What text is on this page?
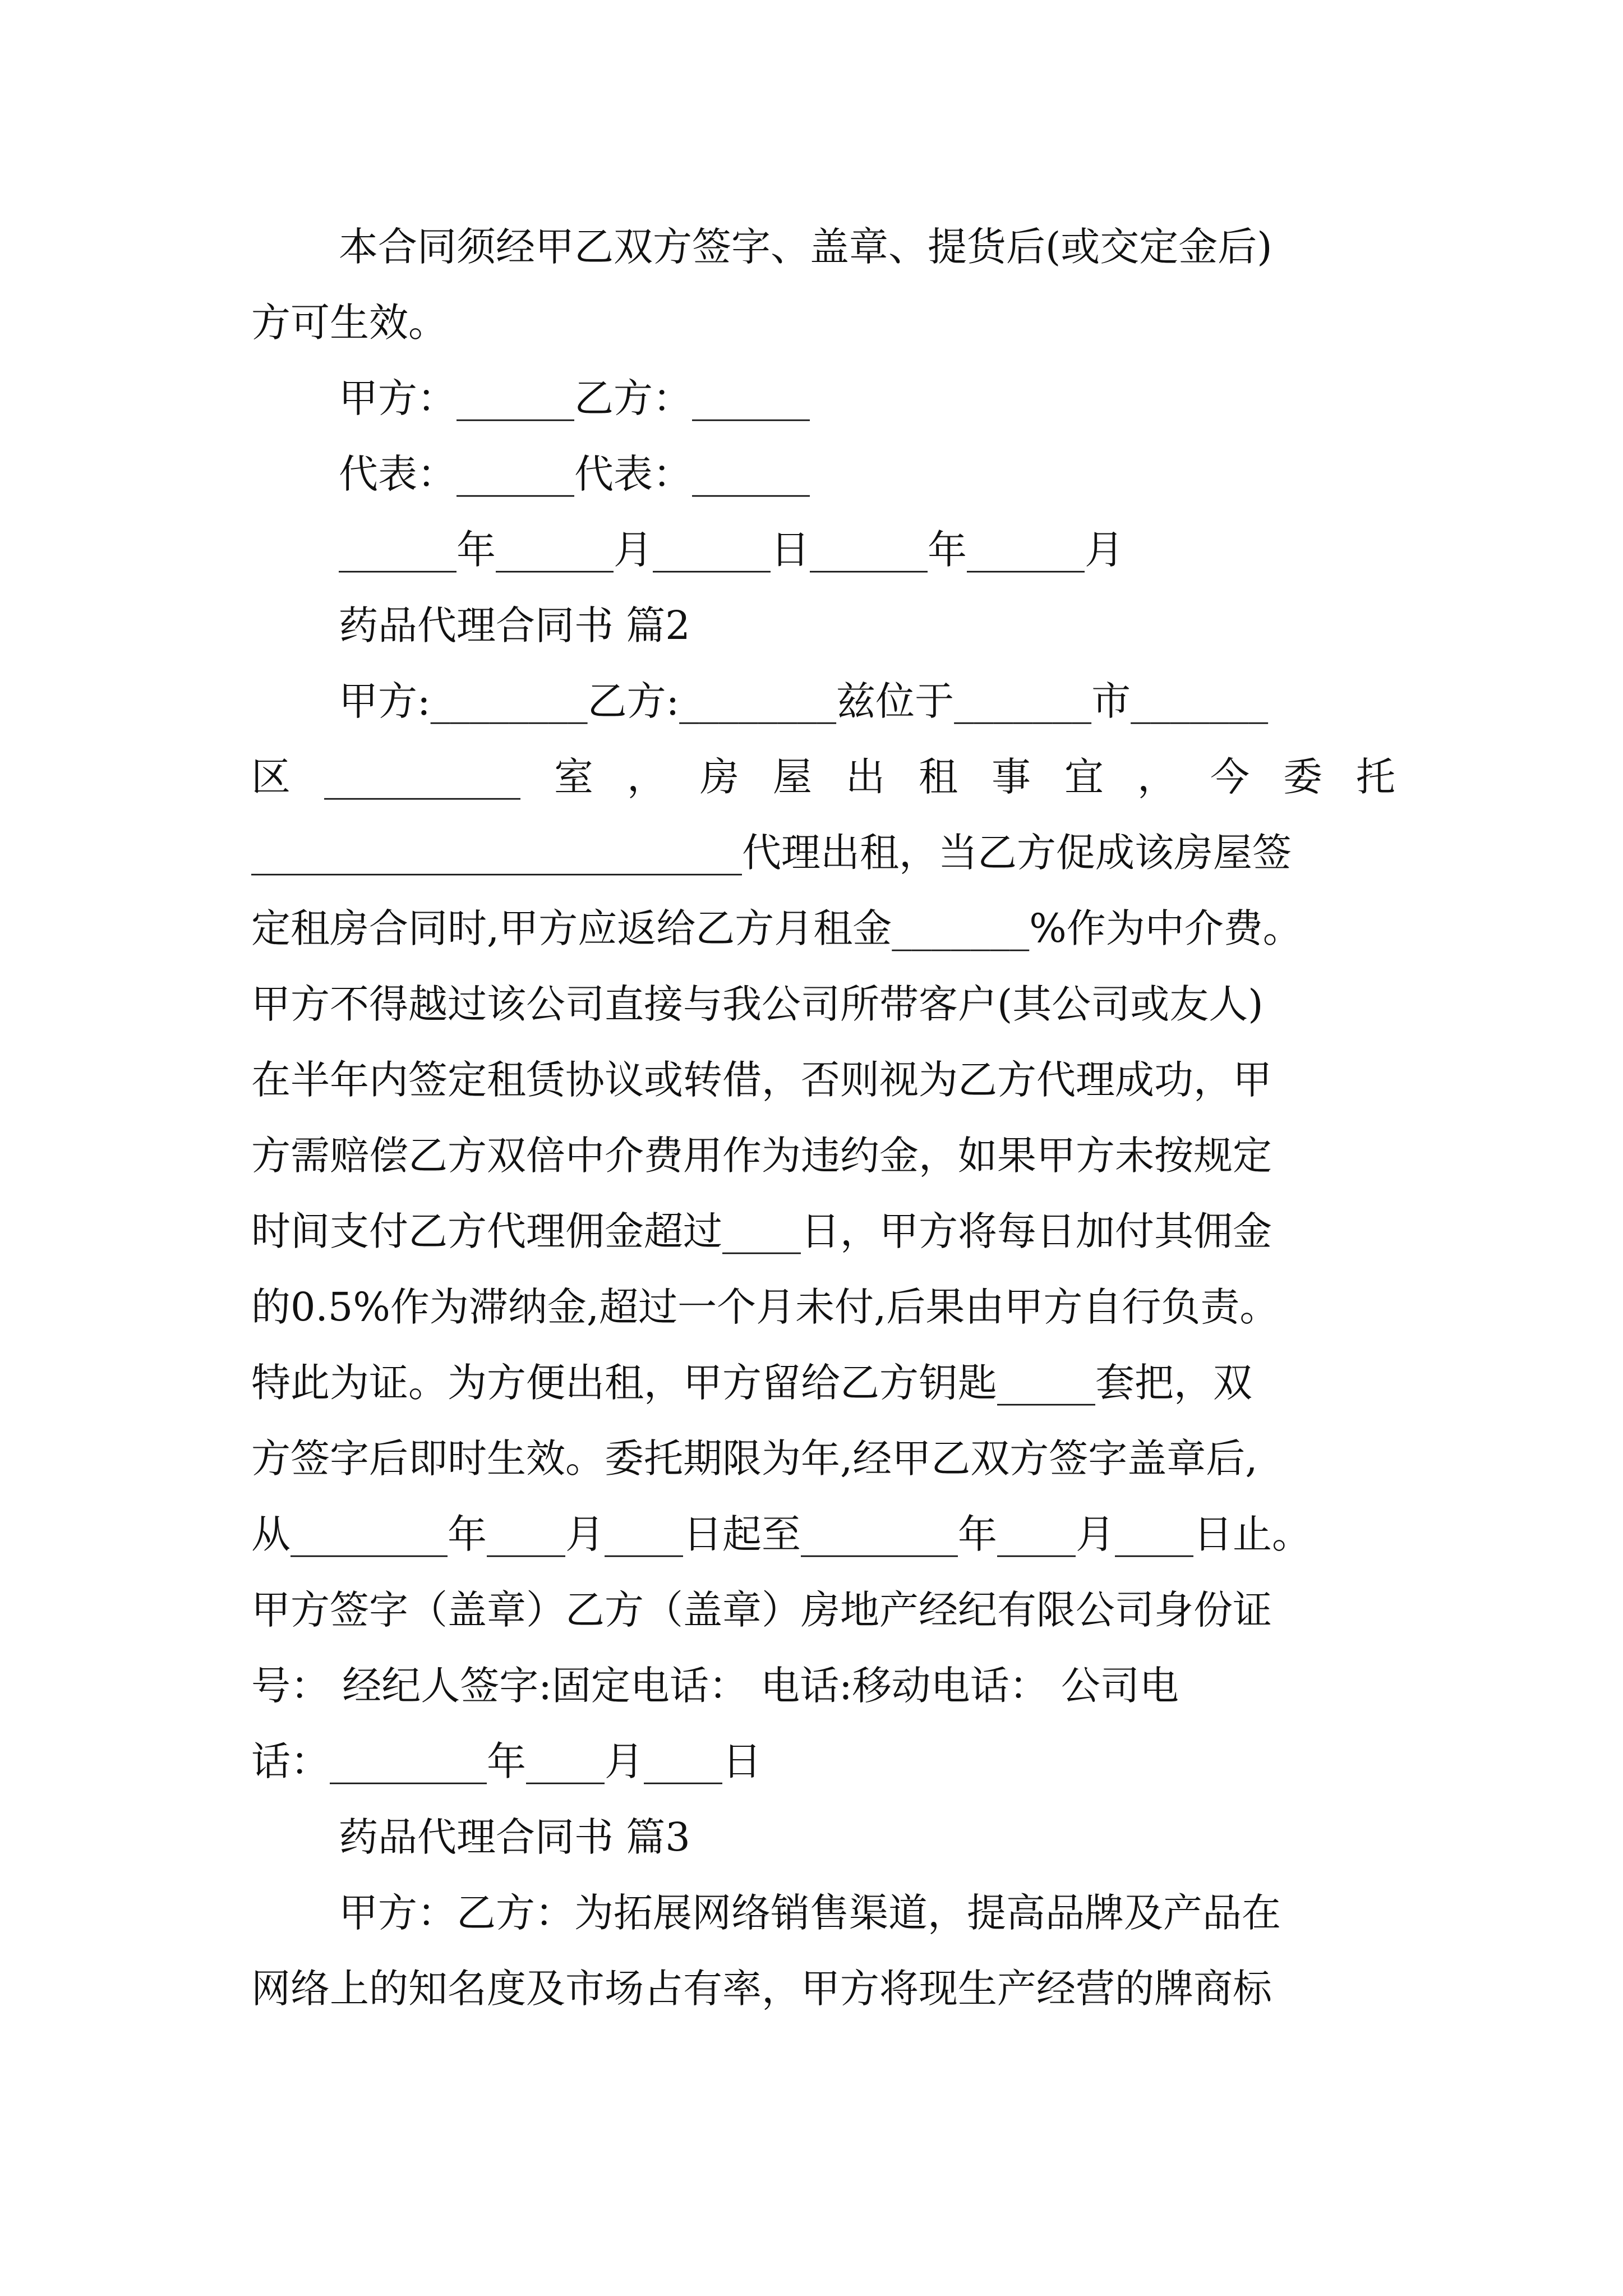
本合同须经甲乙双方签字、盖章、提货后(或交定金后)
方可生效。
甲方：______乙方：______
代表：______代表：______
______年______月______日______年______月
药品代理合同书 篇2
甲方:________乙方:________兹位于_______市_______
区 __________ 室 ， 房 屋 出 租 事 宜 ， 今 委 托
_________________________代理出租，当乙方促成该房屋签
定租房合同时,甲方应返给乙方月租金_______%作为中介费。
甲方不得越过该公司直接与我公司所带客户(其公司或友人)
在半年内签定租赁协议或转借，否则视为乙方代理成功，甲
方需赔偿乙方双倍中介费用作为违约金，如果甲方未按规定
时间支付乙方代理佣金超过____日，甲方将每日加付其佣金
的0.5%作为滞纳金,超过一个月未付,后果由甲方自行负责。
特此为证。为方便出租，甲方留给乙方钥匙_____套把，双
方签字后即时生效。委托期限为年,经甲乙双方签字盖章后,
从________年____月____日起至________年____月____日止。
甲方签字（盖章）乙方（盖章）房地产经纪有限公司身份证
号： 经纪人签字:固定电话： 电话:移动电话： 公司电
话：________年____月____日
药品代理合同书 篇3
甲方：乙方：为拓展网络销售渠道，提高品牌及产品在
网络上的知名度及市场占有率，甲方将现生产经营的牌商标
